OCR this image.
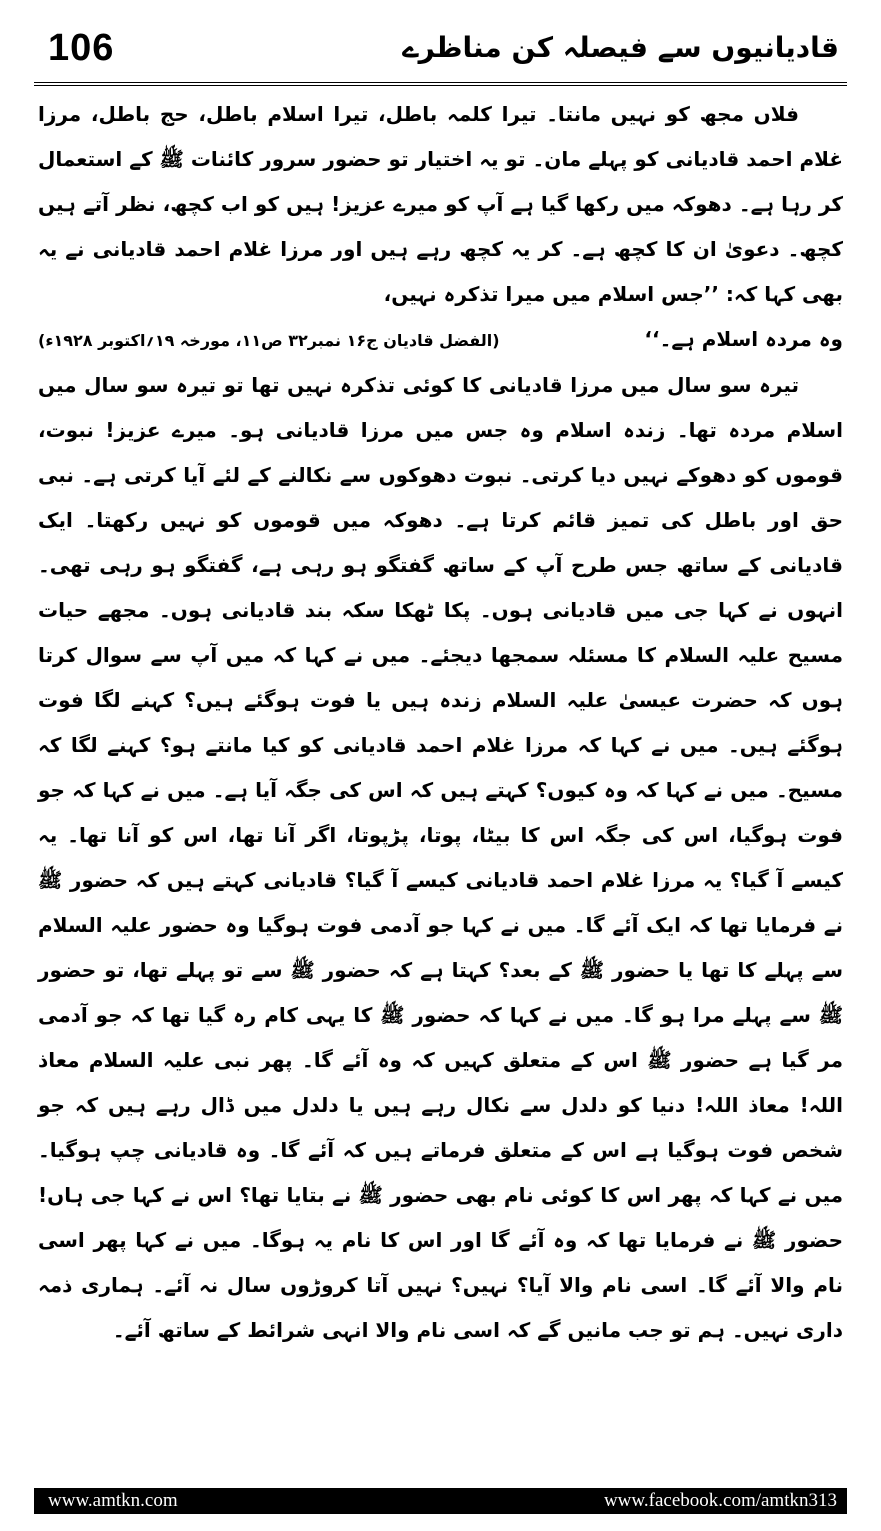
106	قادیانیوں سے فیصلہ کن مناظرے

فلاں مجھ کو نہیں مانتا۔ تیرا کلمہ باطل، تیرا اسلام باطل، حج باطل، مرزا غلام احمد قادیانی کو پہلے مان۔ تو یہ اختیار تو حضور سرور کائنات ﷺ کے استعمال کر رہا ہے۔ دھوکہ میں رکھا گیا ہے آپ کو میرے عزیز! ہیں کو اب کچھ، نظر آتے ہیں کچھ۔ دعویٰ ان کا کچھ ہے۔ کر یہ کچھ رہے ہیں اور مرزا غلام احمد قادیانی نے یہ بھی کہا کہ: ’’جس اسلام میں میرا تذکرہ نہیں،

وہ مردہ اسلام ہے۔‘‘
(الفضل قادیان ج۱۶ نمبر۳۲ ص۱۱، مورخہ ۱۹؍اکتوبر ۱۹۲۸ء)

تیرہ سو سال میں مرزا قادیانی کا کوئی تذکرہ نہیں تھا تو تیرہ سو سال میں اسلام مردہ تھا۔ زندہ اسلام وہ جس میں مرزا قادیانی ہو۔ میرے عزیز! نبوت، قوموں کو دھوکے نہیں دیا کرتی۔ نبوت دھوکوں سے نکالنے کے لئے آیا کرتی ہے۔ نبی حق اور باطل کی تمیز قائم کرتا ہے۔ دھوکہ میں قوموں کو نہیں رکھتا۔ ایک قادیانی کے ساتھ جس طرح آپ کے ساتھ گفتگو ہو رہی ہے، گفتگو ہو رہی تھی۔ انہوں نے کہا جی میں قادیانی ہوں۔ پکا ٹھکا سکہ بند قادیانی ہوں۔ مجھے حیات مسیح علیہ السلام کا مسئلہ سمجھا دیجئے۔ میں نے کہا کہ میں آپ سے سوال کرتا ہوں کہ حضرت عیسیٰ علیہ السلام زندہ ہیں یا فوت ہوگئے ہیں؟ کہنے لگا فوت ہوگئے ہیں۔ میں نے کہا کہ مرزا غلام احمد قادیانی کو کیا مانتے ہو؟ کہنے لگا کہ مسیح۔ میں نے کہا کہ وہ کیوں؟ کہتے ہیں کہ اس کی جگہ آیا ہے۔ میں نے کہا کہ جو فوت ہوگیا، اس کی جگہ اس کا بیٹا، پوتا، پڑپوتا، اگر آنا تھا، اس کو آنا تھا۔ یہ کیسے آ گیا؟ یہ مرزا غلام احمد قادیانی کیسے آ گیا؟ قادیانی کہتے ہیں کہ حضور ﷺ نے فرمایا تھا کہ ایک آئے گا۔ میں نے کہا جو آدمی فوت ہوگیا وہ حضور علیہ السلام سے پہلے کا تھا یا حضور ﷺ کے بعد؟ کہتا ہے کہ حضور ﷺ سے تو پہلے تھا، تو حضور ﷺ سے پہلے مرا ہو گا۔ میں نے کہا کہ حضور ﷺ کا یہی کام رہ گیا تھا کہ جو آدمی مر گیا ہے حضور ﷺ اس کے متعلق کہیں کہ وہ آئے گا۔ پھر نبی علیہ السلام معاذ اللہ! معاذ اللہ! دنیا کو دلدل سے نکال رہے ہیں یا دلدل میں ڈال رہے ہیں کہ جو شخص فوت ہوگیا ہے اس کے متعلق فرماتے ہیں کہ آئے گا۔ وہ قادیانی چپ ہوگیا۔ میں نے کہا کہ پھر اس کا کوئی نام بھی حضور ﷺ نے بتایا تھا؟ اس نے کہا جی ہاں! حضور ﷺ نے فرمایا تھا کہ وہ آئے گا اور اس کا نام یہ ہوگا۔ میں نے کہا پھر اسی نام والا آئے گا۔ اسی نام والا آیا؟ نہیں؟ نہیں آتا کروڑوں سال نہ آئے۔ ہماری ذمہ داری نہیں۔ ہم تو جب مانیں گے کہ اسی نام والا انہی شرائط کے ساتھ آئے۔

www.amtkn.com	www.facebook.com/amtkn313
